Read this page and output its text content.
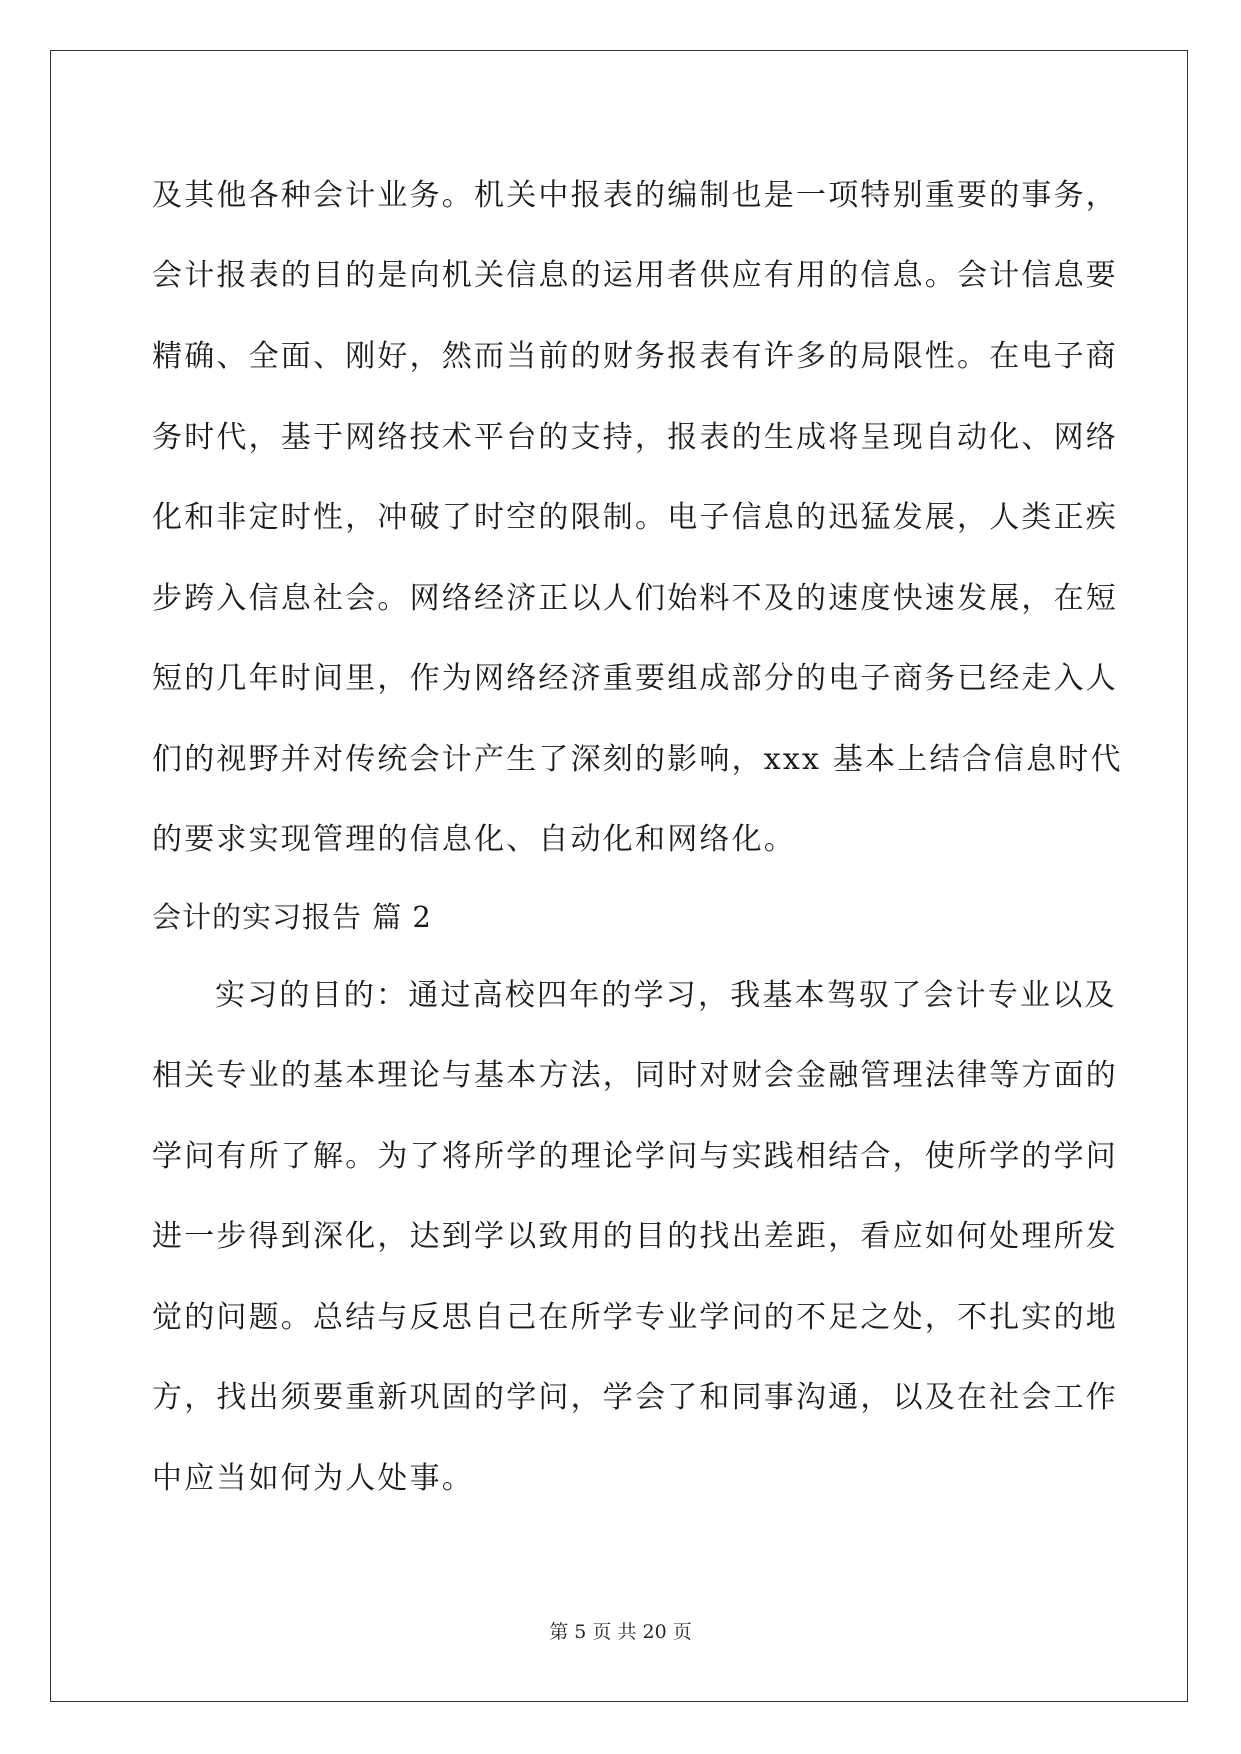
及其他各种会计业务。机关中报表的编制也是一项特别重要的事务，
会计报表的目的是向机关信息的运用者供应有用的信息。会计信息要
精确、全面、刚好，然而当前的财务报表有许多的局限性。在电子商
务时代，基于网络技术平台的支持，报表的生成将呈现自动化、网络
化和非定时性，冲破了时空的限制。电子信息的迅猛发展，人类正疾
步跨入信息社会。网络经济正以人们始料不及的速度快速发展，在短
短的几年时间里，作为网络经济重要组成部分的电子商务已经走入人
们的视野并对传统会计产生了深刻的影响，xxx 基本上结合信息时代
的要求实现管理的信息化、自动化和网络化。
会计的实习报告 篇 2
实习的目的：通过高校四年的学习，我基本驾驭了会计专业以及
相关专业的基本理论与基本方法，同时对财会金融管理法律等方面的
学问有所了解。为了将所学的理论学问与实践相结合，使所学的学问
进一步得到深化，达到学以致用的目的找出差距，看应如何处理所发
觉的问题。总结与反思自己在所学专业学问的不足之处，不扎实的地
方，找出须要重新巩固的学问，学会了和同事沟通，以及在社会工作
中应当如何为人处事。
第 5 页 共 20 页
